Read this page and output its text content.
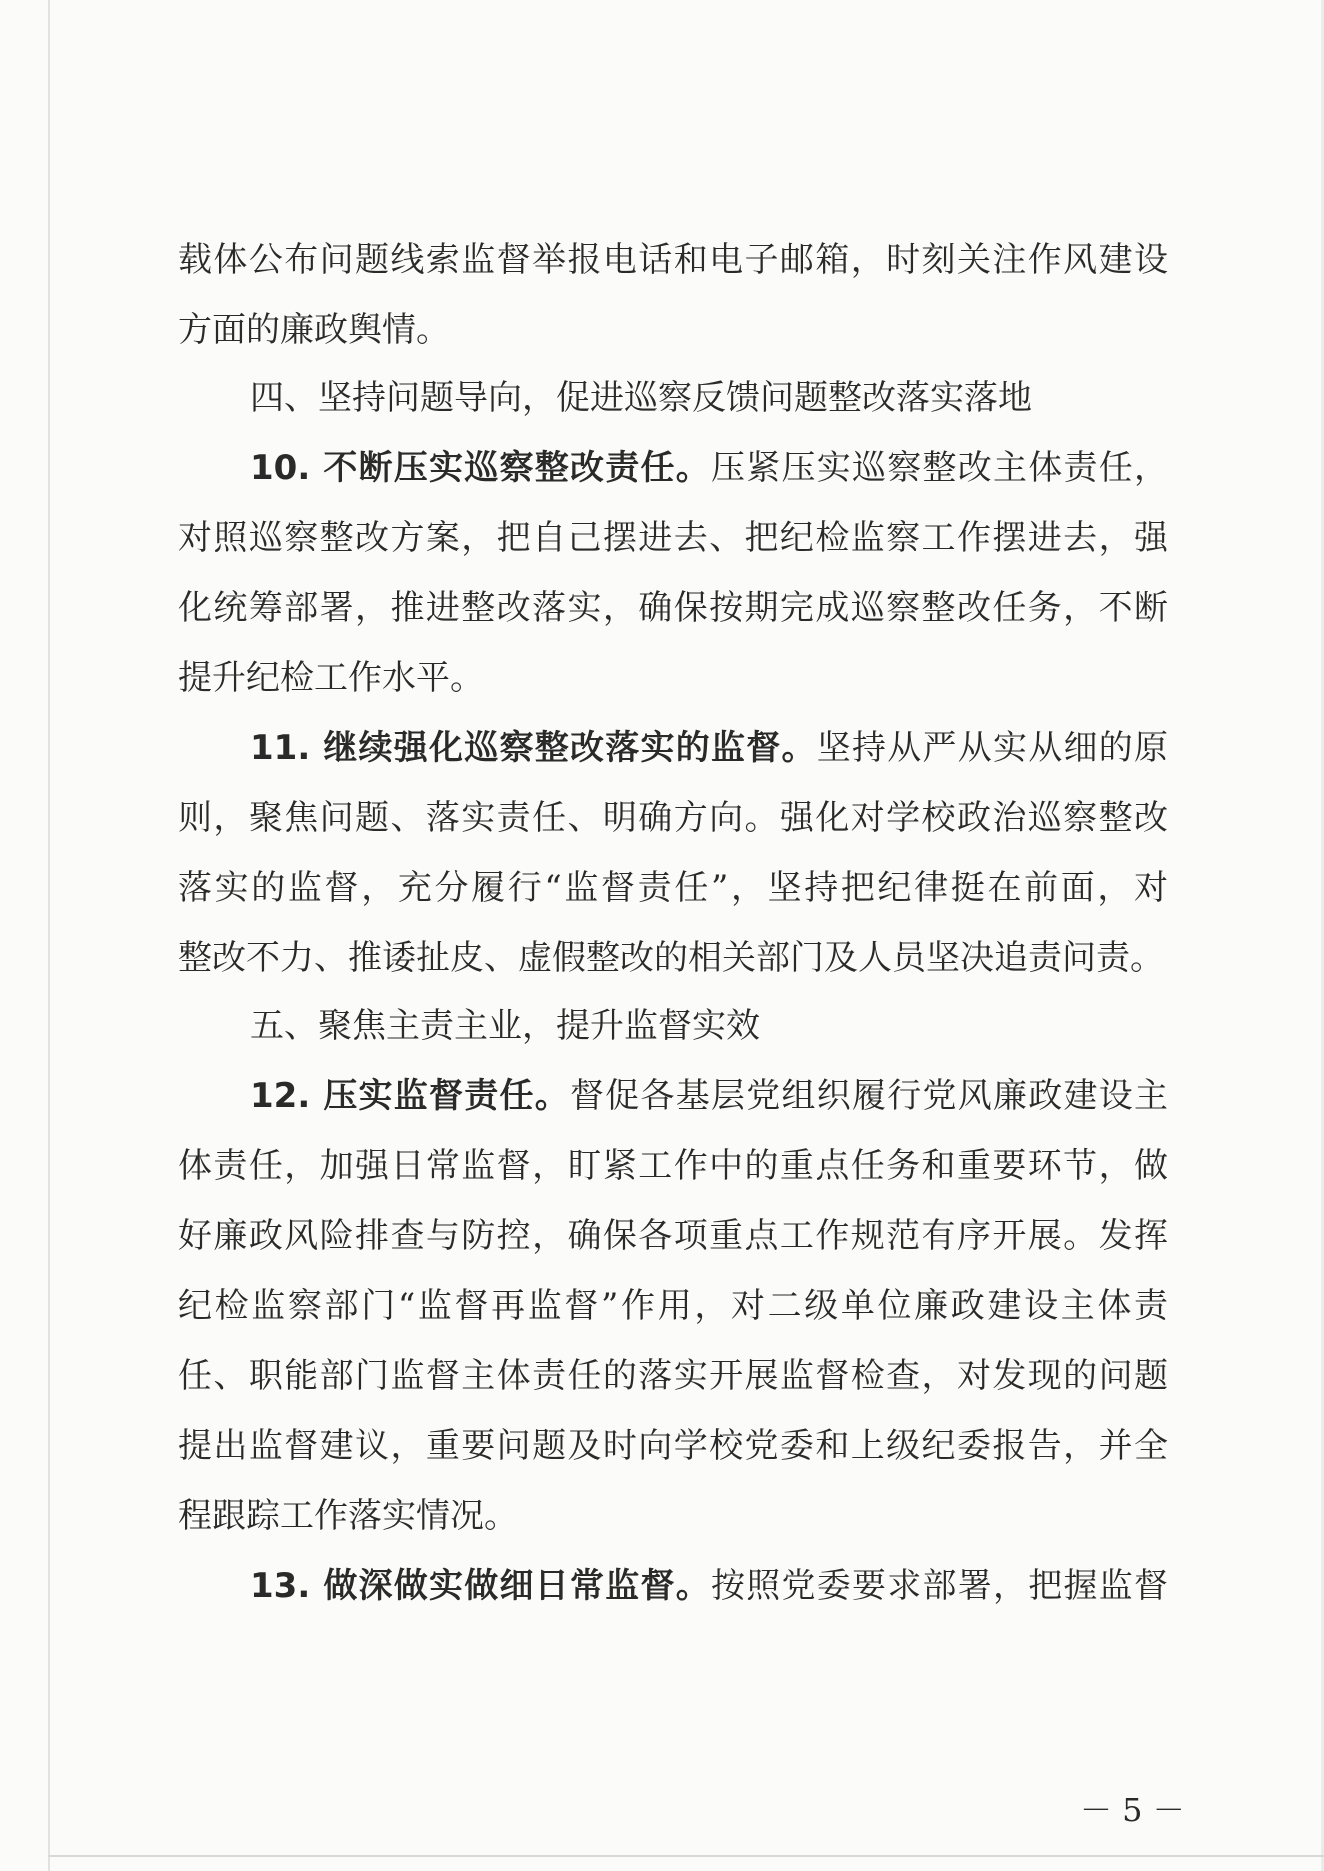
载体公布问题线索监督举报电话和电子邮箱，时刻关注作风建设
方面的廉政舆情。
四、坚持问题导向，促进巡察反馈问题整改落实落地
10. 不断压实巡察整改责任。压紧压实巡察整改主体责任，
对照巡察整改方案，把自己摆进去、把纪检监察工作摆进去，强
化统筹部署，推进整改落实，确保按期完成巡察整改任务，不断
提升纪检工作水平。
11. 继续强化巡察整改落实的监督。坚持从严从实从细的原
则，聚焦问题、落实责任、明确方向。强化对学校政治巡察整改
落实的监督，充分履行“监督责任”，坚持把纪律挺在前面，对
整改不力、推诿扯皮、虚假整改的相关部门及人员坚决追责问责。
五、聚焦主责主业，提升监督实效
12. 压实监督责任。督促各基层党组织履行党风廉政建设主
体责任，加强日常监督，盯紧工作中的重点任务和重要环节，做
好廉政风险排查与防控，确保各项重点工作规范有序开展。发挥
纪检监察部门“监督再监督”作用，对二级单位廉政建设主体责
任、职能部门监督主体责任的落实开展监督检查，对发现的问题
提出监督建议，重要问题及时向学校党委和上级纪委报告，并全
程跟踪工作落实情况。
13. 做深做实做细日常监督。按照党委要求部署，把握监督
－ 5 －
